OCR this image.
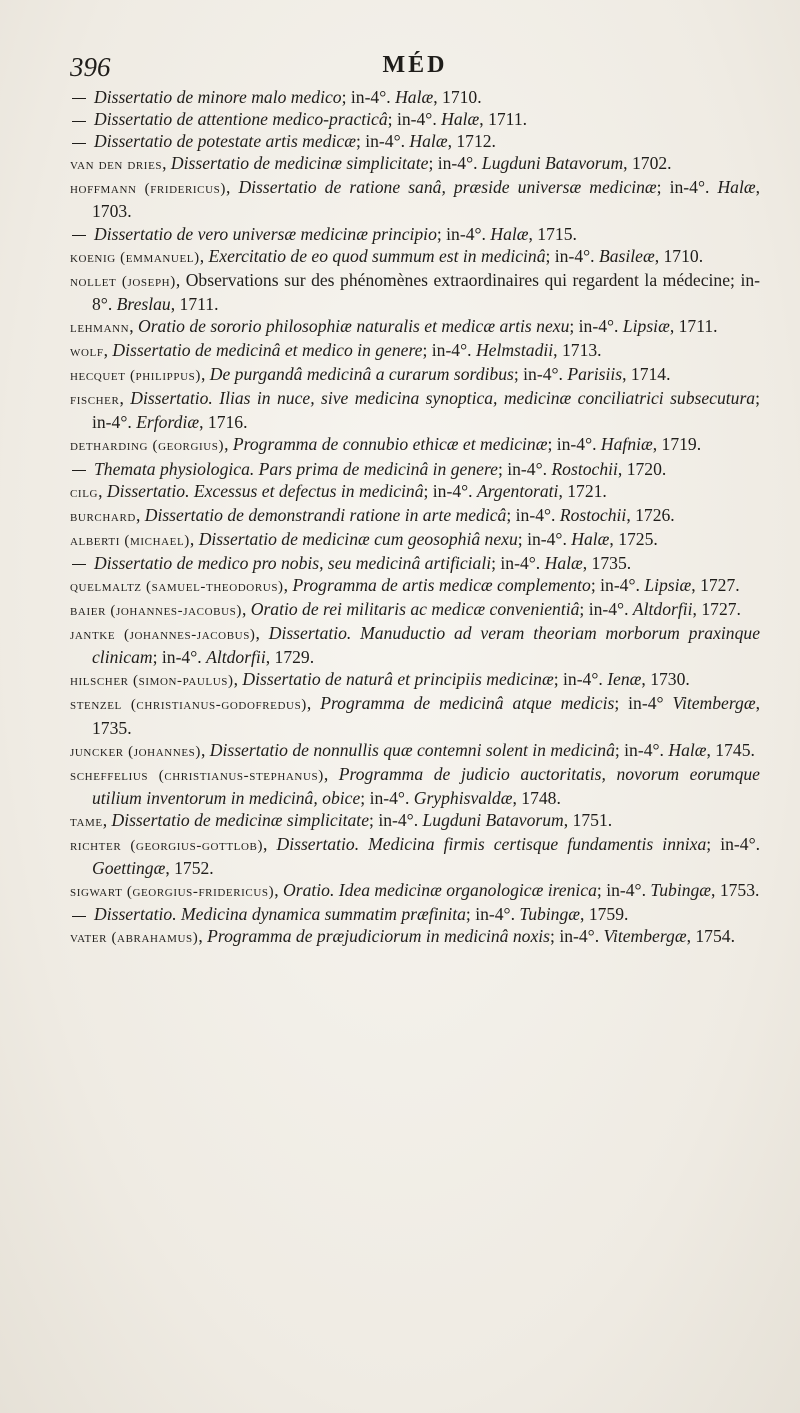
396	MÉD
Dissertatio de minore malo medico; in-4°. Halæ, 1710.
Dissertatio de attentione medico-practicâ; in-4°. Halæ, 1711.
Dissertatio de potestate artis medicæ; in-4°. Halæ, 1712.
van den dries, Dissertatio de medicinæ simplicitate; in-4°. Lugduni Batavorum, 1702.
hoffmann (fridericus), Dissertatio de ratione sanâ, præside universæ medicinæ; in-4°. Halæ, 1703.
Dissertatio de vero universæ medicinæ principio; in-4°. Halæ, 1715.
koenig (emmanuel), Exercitatio de eo quod summum est in medicinâ; in-4°. Basileæ, 1710.
nollet (joseph), Observations sur des phénomènes extraordinaires qui regardent la médecine; in-8°. Breslau, 1711.
lehmann, Oratio de sororio philosophiæ naturalis et medicæ artis nexu; in-4°. Lipsiæ, 1711.
wolf, Dissertatio de medicinâ et medico in genere; in-4°. Helmstadii, 1713.
hecquet (philippus), De purgandâ medicinâ a curarum sordibus; in-4°. Parisiis, 1714.
fischer, Dissertatio. Ilias in nuce, sive medicina synoptica, medicinæ conciliatrici subsecutura; in-4°. Erfordiæ, 1716.
detharding (georgius), Programma de connubio ethicæ et medicinæ; in-4°. Hafniæ, 1719.
Themata physiologica. Pars prima de medicinâ in genere; in-4°. Rostochii, 1720.
cilg, Dissertatio. Excessus et defectus in medicinâ; in-4°. Argentorati, 1721.
burchard, Dissertatio de demonstrandi ratione in arte medicâ; in-4°. Rostochii, 1726.
alberti (michael), Dissertatio de medicinæ cum geosophiâ nexu; in-4°. Halæ, 1725.
Dissertatio de medico pro nobis, seu medicinâ artificiali; in-4°. Halæ, 1735.
quelmaltz (samuel-theodorus), Programma de artis medicæ complemento; in-4°. Lipsiæ, 1727.
baier (johannes-jacobus), Oratio de rei militaris ac medicæ convenientiâ; in-4°. Altdorfii, 1727.
jantke (johannes-jacobus), Dissertatio. Manuductio ad veram theoriam morborum praxinque clinicam; in-4°. Altdorfii, 1729.
hilscher (simon-paulus), Dissertatio de naturâ et principiis medicinæ; in-4°. Ienæ, 1730.
stenzel (christianus-godofredus), Programma de medicinâ atque medicis; in-4° Vitembergæ, 1735.
juncker (johannes), Dissertatio de nonnullis quæ contemni solent in medicinâ; in-4°. Halæ, 1745.
scheffelius (christianus-stephanus), Programma de judicio auctoritatis, novorum eorumque utilium inventorum in medicinâ, obice; in-4°. Gryphisvaldæ, 1748.
tame, Dissertatio de medicinæ simplicitate; in-4°. Lugduni Batavorum, 1751.
richter (georgius-gottlob), Dissertatio. Medicina firmis certisque fundamentis innixa; in-4°. Goettingæ, 1752.
sigwart (georgius-fridericus), Oratio. Idea medicinæ organologicæ irenica; in-4°. Tubingæ, 1753.
Dissertatio. Medicina dynamica summatim præfinita; in-4°. Tubingæ, 1759.
vater (abrahamus), Programma de præjudiciorum in medicinâ noxis; in-4°. Vitembergæ, 1754.
